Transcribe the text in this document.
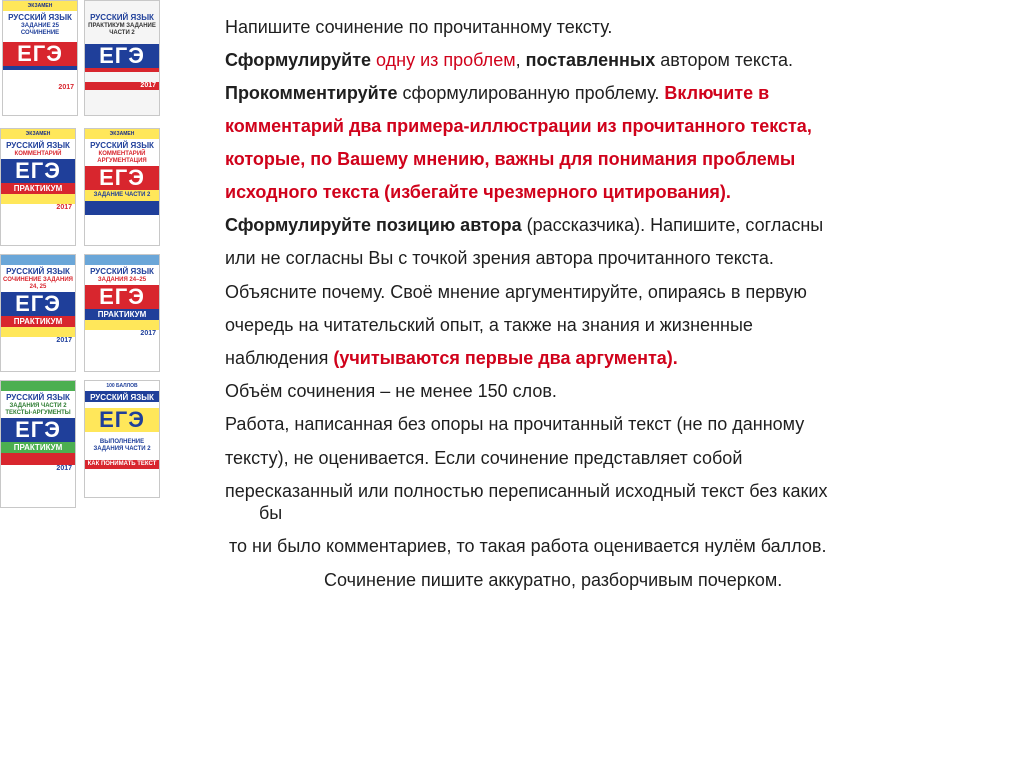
ЭКЗАМЕН
РУССКИЙ ЯЗЫК
ЗАДАНИЕ 25 СОЧИНЕНИЕ
ЕГЭ
2017
РУССКИЙ ЯЗЫК
ПРАКТИКУМ ЗАДАНИЕ ЧАСТИ 2
ЕГЭ
2017
ЭКЗАМЕН
РУССКИЙ ЯЗЫК
КОММЕНТАРИЙ
ЕГЭ
ПРАКТИКУМ
2017
ЭКЗАМЕН
РУССКИЙ ЯЗЫК
КОММЕНТАРИЙ АРГУМЕНТАЦИЯ
ЕГЭ
ЗАДАНИЕ ЧАСТИ 2
РУССКИЙ ЯЗЫК
СОЧИНЕНИЕ ЗАДАНИЯ 24, 25
ЕГЭ
ПРАКТИКУМ
2017
РУССКИЙ ЯЗЫК
ЗАДАНИЯ 24–25
ЕГЭ
ПРАКТИКУМ
2017
РУССКИЙ ЯЗЫК
ЗАДАНИЯ ЧАСТИ 2 ТЕКСТЫ-АРГУМЕНТЫ
ЕГЭ
ПРАКТИКУМ
2017
100 БАЛЛОВ
РУССКИЙ ЯЗЫК
ЕГЭ
ВЫПОЛНЕНИЕ ЗАДАНИЯ ЧАСТИ 2
КАК ПОНИМАТЬ ТЕКСТ
Напишите сочинение по прочитанному тексту.
Сформулируйте одну из проблем, поставленных автором текста.
Прокомментируйте сформулированную проблему. Включите в
комментарий два примера-иллюстрации из прочитанного текста,
которые, по Вашему мнению, важны для понимания проблемы
исходного текста (избегайте чрезмерного цитирования).
Сформулируйте позицию автора (рассказчика). Напишите, согласны
или не согласны Вы с точкой зрения автора прочитанного текста.
Объясните почему. Своё мнение аргументируйте, опираясь в первую
очередь на читательский опыт, а также на знания и жизненные
наблюдения (учитываются первые два аргумента).
Объём сочинения – не менее 150 слов.
Работа, написанная без опоры на прочитанный текст (не по данному
тексту), не оценивается. Если сочинение представляет собой
пересказанный или полностью переписанный исходный текст без каких
бы
то ни было комментариев, то такая работа оценивается нулём баллов.
Сочинение пишите аккуратно, разборчивым почерком.
